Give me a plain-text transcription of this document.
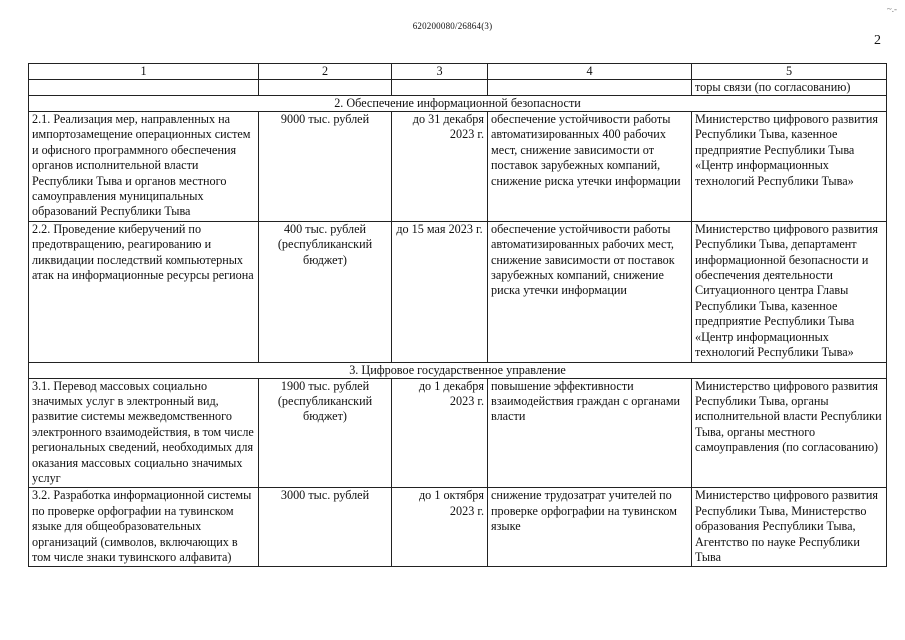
~.-
620200080/26864(3)
2
1	2	3	4	5
				торы связи (по согласованию)
2. Обеспечение информационной безопасности				
2.1. Реализация мер, направленных на импортозамещение операционных систем и офисного программного обеспечения органов исполнительной власти Республики Тыва и органов местного самоуправления муниципальных образований Республики Тыва	9000 тыс. рублей	до 31 декабря 2023 г.	обеспечение устойчивости работы автоматизированных 400 рабочих мест, снижение зависимости от поставок зарубежных компаний, снижение риска утечки информации	Министерство цифрового развития Республики Тыва, казенное предприятие Республики Тыва «Центр информационных технологий Республики Тыва»
2.2. Проведение киберучений по предотвращению, реагированию и ликвидации последствий компьютерных атак на информационные ресурсы региона	400 тыс. рублей (республиканский бюджет)	до 15 мая 2023 г.	обеспечение устойчивости работы автоматизированных рабочих мест, снижение зависимости от поставок зарубежных компаний, снижение риска утечки информации	Министерство цифрового развития Республики Тыва, департамент информационной безопасности и обеспечения деятельности Ситуационного центра Главы Республики Тыва, казенное предприятие Республики Тыва «Центр информационных технологий Республики Тыва»
3. Цифровое государственное управление				
3.1. Перевод массовых социально значимых услуг в электронный вид, развитие системы межведомственного электронного взаимодействия, в том числе региональных сведений, необходимых для оказания массовых социально значимых услуг	1900 тыс. рублей (республиканский бюджет)	до 1 декабря 2023 г.	повышение эффективности взаимодействия граждан с органами власти	Министерство цифрового развития Республики Тыва, органы исполнительной власти Республики Тыва, органы местного самоуправления (по согласованию)
3.2. Разработка информационной системы по проверке орфографии на тувинском языке для общеобразовательных организаций (символов, включающих в том числе знаки тувинского алфавита)	3000 тыс. рублей	до 1 октября 2023 г.	снижение трудозатрат учителей по проверке орфографии на тувинском языке	Министерство цифрового развития Республики Тыва, Министерство образования Республики Тыва, Агентство по науке Республики Тыва
